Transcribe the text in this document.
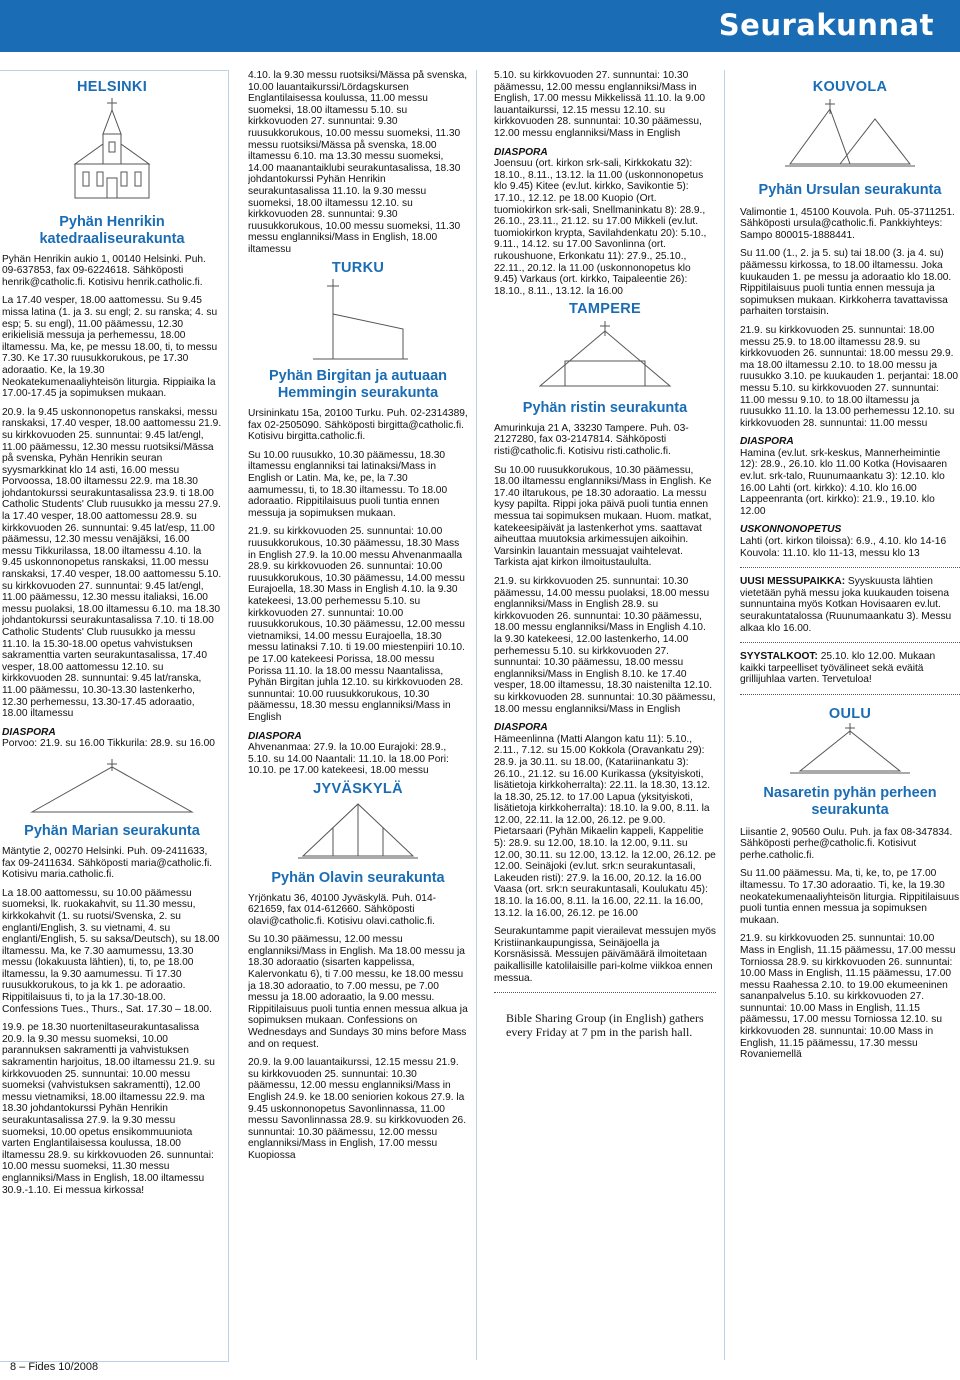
Seurakunnat
HELSINKI
Pyhän Henrikin katedraaliseurakunta

Pyhän Henrikin aukio 1, 00140 Helsinki. Puh. 09-637853, fax 09-6224618. Sähköposti henrik@catholic.fi. Kotisivu henrik.catholic.fi.

La 17.40 vesper, 18.00 aattomessu. Su 9.45 missa latina (1. ja 3. su engl; 2. su ranska; 4. su esp; 5. su engl), 11.00 päämessu, 12.30 erikielisiä messuja ja perhemessu, 18.00 iltamessu. Ma, ke, pe messu 18.00, ti, to messu 7.30. Ke 17.30 ruusukkorukous, pe 17.30 adoraatio. Ke, la 19.30 Neokatekumenaaliyhteisön liturgia. Rippiaika la 17.00-17.45 ja sopimuksen mukaan.

20.9. la 9.45 uskonnonopetus ranskaksi, messu ranskaksi, 17.40 vesper, 18.00 aattomessu 21.9. su kirkkovuoden 25. sunnuntai: 9.45 lat/engl, 11.00 päämessu, 12.30 messu ruotsiksi/Mässa på svenska, Pyhän Henrikin seuran syysmarkkinat klo 14 asti, 16.00 messu Porvoossa, 18.00 iltamessu 22.9. ma 18.30 johdantokurssi seurakuntasalissa 23.9. ti 18.00 Catholic Students' Club ruusukko ja messu 27.9. la 17.40 vesper, 18.00 aattomessu 28.9. su kirkkovuoden 26. sunnuntai: 9.45 lat/esp, 11.00 päämessu, 12.30 messu venäjäksi, 16.00 messu Tikkurilassa, 18.00 iltamessu 4.10. la 9.45 uskonnonopetus ranskaksi, 11.00 messu ranskaksi, 17.40 vesper, 18.00 aattomessu 5.10. su kirkkovuoden 27. sunnuntai: 9.45 lat/engl, 11.00 päämessu, 12.30 messu italiaksi, 16.00 messu puolaksi, 18.00 iltamessu 6.10. ma 18.30 johdantokurssi seurakuntasalissa 7.10. ti 18.00 Catholic Students' Club ruusukko ja messu 11.10. la 15.30-18.00 opetus vahvistuksen sakramenttia varten seurakuntasalissa, 17.40 vesper, 18.00 aattomessu 12.10. su kirkkovuoden 28. sunnuntai: 9.45 lat/ranska, 11.00 päämessu, 10.30-13.30 lastenkerho, 12.30 perhemessu, 13.30-17.45 adoraatio, 18.00 iltamessu

DIASPORA

Porvoo: 21.9. su 16.00 Tikkurila: 28.9. su 16.00

Pyhän Marian seurakunta

Mäntytie 2, 00270 Helsinki. Puh. 09-2411633, fax 09-2411634. Sähköposti maria@catholic.fi. Kotisivu maria.catholic.fi.

La 18.00 aattomessu, su 10.00 päämessu suomeksi, lk. ruokakahvit, su 11.30 messu, kirkkokahvit (1. su ruotsi/Svenska, 2. su englanti/English, 3. su vietnami, 4. su englanti/English, 5. su saksa/Deutsch), su 18.00 iltamessu. Ma, ke 7.30 aamumessu, 13.30 messu (lokakuusta lähtien), ti, to, pe 18.00 iltamessu, la 9.30 aamumessu. Ti 17.30 ruusukkorukous, to ja kk 1. pe adoraatio. Rippitilaisuus ti, to ja la 17.30-18.00. Confessions Tues., Thurs., Sat. 17.30 – 18.00.

19.9. pe 18.30 nuorteniltaseurakuntasalissa 20.9. la 9.30 messu suomeksi, 10.00 parannuksen sakramentti ja vahvistuksen sakramentin harjoitus, 18.00 iltamessu 21.9. su kirkkovuoden 25. sunnuntai: 10.00 messu suomeksi (vahvistuksen sakramentti), 12.00 messu vietnamiksi, 18.00 iltamessu 22.9. ma 18.30 johdantokurssi Pyhän Henrikin seurakuntasalissa 27.9. la 9.30 messu suomeksi, 10.00 opetus ensikommuuniota varten Englantilaisessa koulussa, 18.00 iltamessu 28.9. su kirkkovuoden 26. sunnuntai: 10.00 messu suomeksi, 11.30 messu englanniksi/Mass in English, 18.00 iltamessu 30.9.-1.10. Ei messua kirkossa!

4.10. la 9.30 messu ruotsiksi/Mässa på svenska, 10.00 lauantaikurssi/Lördagskursen Englantilaisessa koulussa, 11.00 messu suomeksi, 18.00 iltamessu 5.10. su kirkkovuoden 27. sunnuntai: 9.30 ruusukkorukous, 10.00 messu suomeksi, 11.30 messu ruotsiksi/Mässa på svenska, 18.00 iltamessu 6.10. ma 13.30 messu suomeksi, 14.00 maanantaiklubi seurakuntasalissa, 18.30 johdantokurssi Pyhän Henrikin seurakuntasalissa 11.10. la 9.30 messu suomeksi, 18.00 iltamessu 12.10. su kirkkovuoden 28. sunnuntai: 9.30 ruusukkorukous, 10.00 messu suomeksi, 11.30 messu englanniksi/Mass in English, 18.00 iltamessu

TURKU
Pyhän Birgitan ja autuaan Hemmingin seurakunta

Ursininkatu 15a, 20100 Turku. Puh. 02-2314389, fax 02-2505090. Sähköposti birgitta@catholic.fi. Kotisivu birgitta.catholic.fi.

Su 10.00 ruusukko, 10.30 päämessu, 18.30 iltamessu englanniksi tai latinaksi/Mass in English or Latin. Ma, ke, pe, la 7.30 aamumessu, ti, to 18.30 iltamessu. To 18.00 adoraatio. Rippitilaisuus puoli tuntia ennen messuja ja sopimuksen mukaan.

21.9. su kirkkovuoden 25. sunnuntai: 10.00 ruusukkorukous, 10.30 päämessu, 18.30 Mass in English 27.9. la 10.00 messu Ahvenanmaalla 28.9. su kirkkovuoden 26. sunnuntai: 10.00 ruusukkorukous, 10.30 päämessu, 14.00 messu Eurajoella, 18.30 Mass in English 4.10. la 9.30 katekeesi, 13.00 perhemessu 5.10. su kirkkovuoden 27. sunnuntai: 10.00 ruusukkorukous, 10.30 päämessu, 12.00 messu vietnamiksi, 14.00 messu Eurajoella, 18.30 messu latinaksi 7.10. ti 19.00 miestenpiiri 10.10. pe 17.00 katekeesi Porissa, 18.00 messu Porissa 11.10. la 18.00 messu Naantalissa, Pyhän Birgitan juhla 12.10. su kirkkovuoden 28. sunnuntai: 10.00 ruusukkorukous, 10.30 päämessu, 18.30 messu englanniksi/Mass in English

DIASPORA

Ahvenanmaa: 27.9. la 10.00 Eurajoki: 28.9., 5.10. su 14.00 Naantali: 11.10. la 18.00 Pori: 10.10. pe 17.00 katekeesi, 18.00 messu

JYVÄSKYLÄ
Pyhän Olavin seurakunta

Yrjönkatu 36, 40100 Jyväskylä. Puh. 014-621659, fax 014-612660. Sähköposti olavi@catholic.fi. Kotisivu olavi.catholic.fi.

Su 10.30 päämessu, 12.00 messu englanniksi/Mass in English. Ma 18.00 messu ja 18.30 adoraatio (sisarten kappelissa, Kalervonkatu 6), ti 7.00 messu, ke 18.00 messu ja 18.30 adoraatio, to 7.00 messu, pe 7.00 messu ja 18.00 adoraatio, la 9.00 messu. Rippitilaisuus puoli tuntia ennen messua alkua ja sopimuksen mukaan. Confessions on Wednesdays and Sundays 30 mins before Mass and on request.

20.9. la 9.00 lauantaikurssi, 12.15 messu 21.9. su kirkkovuoden 25. sunnuntai: 10.30 päämessu, 12.00 messu englanniksi/Mass in English 24.9. ke 18.00 seniorien kokous 27.9. la 9.45 uskonnonopetus Savonlinnassa, 11.00 messu Savonlinnassa 28.9. su kirkkovuoden 26. sunnuntai: 10.30 päämessu, 12.00 messu englanniksi/Mass in English, 17.00 messu Kuopiossa

5.10. su kirkkovuoden 27. sunnuntai: 10.30 päämessu, 12.00 messu englanniksi/Mass in English, 17.00 messu Mikkelissä 11.10. la 9.00 lauantaikurssi, 12.15 messu 12.10. su kirkkovuoden 28. sunnuntai: 10.30 päämessu, 12.00 messu englanniksi/Mass in English

DIASPORA

Joensuu (ort. kirkon srk-sali, Kirkkokatu 32): 18.10., 8.11., 13.12. la 11.00 (uskonnonopetus klo 9.45) Kitee (ev.lut. kirkko, Savikontie 5): 17.10., 12.12. pe 18.00 Kuopio (Ort. tuomiokirkon srk-sali, Snellmaninkatu 8): 28.9., 26.10., 23.11., 21.12. su 17.00 Mikkeli (ev.lut. tuomiokirkon krypta, Savilahdenkatu 20): 5.10., 9.11., 14.12. su 17.00 Savonlinna (ort. rukoushuone, Erkonkatu 11): 27.9., 25.10., 22.11., 20.12. la 11.00 (uskonnonopetus klo 9.45) Varkaus (ort. kirkko, Taipaleentie 26): 18.10., 8.11., 13.12. la 16.00

TAMPERE
Pyhän ristin seurakunta

Amurinkuja 21 A, 33230 Tampere. Puh. 03-2127280, fax 03-2147814. Sähköposti risti@catholic.fi. Kotisivu risti.catholic.fi.

Su 10.00 ruusukkorukous, 10.30 päämessu, 18.00 iltamessu englanniksi/Mass in English. Ke 17.40 iltarukous, pe 18.30 adoraatio. La messu kysy papilta. Rippi joka päivä puoli tuntia ennen messua tai sopimuksen mukaan. Huom. matkat, katekeesipäivät ja lastenkerhot yms. saattavat aiheuttaa muutoksia arkimessujen aikoihin. Varsinkin lauantain messuajat vaihtelevat. Tarkista ajat kirkon ilmoitustaululta.

21.9. su kirkkovuoden 25. sunnuntai: 10.30 päämessu, 14.00 messu puolaksi, 18.00 messu englanniksi/Mass in English 28.9. su kirkkovuoden 26. sunnuntai: 10.30 päämessu, 18.00 messu englanniksi/Mass in English 4.10. la 9.30 katekeesi, 12.00 lastenkerho, 14.00 perhemessu 5.10. su kirkkovuoden 27. sunnuntai: 10.30 päämessu, 18.00 messu englanniksi/Mass in English 8.10. ke 17.40 vesper, 18.00 iltamessu, 18.30 naisteniltа 12.10. su kirkkovuoden 28. sunnuntai: 10.30 päämessu, 18.00 messu englanniksi/Mass in English

DIASPORA

Hämeenlinna (Matti Alangon katu 11): 5.10., 2.11., 7.12. su 15.00 Kokkola (Oravankatu 29): 28.9. ja 30.11. su 18.00, (Katariinankatu 3): 26.10., 21.12. su 16.00 Kurikassa (yksityiskoti, lisätietoja kirkkoherralta): 22.11. la 18.30, 13.12. la 18.30, 25.12. to 17.00 Lapua (yksityiskoti, lisätietoja kirkkoherralta): 18.10. la 9.00, 8.11. la 12.00, 22.11. la 12.00, 26.12. pe 9.00. Pietarsaari (Pyhän Mikaelin kappeli, Kappelitie 5): 28.9. su 12.00, 18.10. la 12.00, 9.11. su 12.00, 30.11. su 12.00, 13.12. la 12.00, 26.12. pe 12.00. Seinäjoki (ev.lut. srk:n seurakuntasali, Lakeuden risti): 27.9. la 16.00, 20.12. la 16.00 Vaasa (ort. srk:n seurakuntasali, Koulukatu 45): 18.10. la 16.00, 8.11. la 16.00, 22.11. la 16.00, 13.12. la 16.00, 26.12. pe 16.00

Seurakuntamme papit vierailevat messujen myös Kristiinankaupungissa, Seinäjoella ja Korsnäsissä. Messujen päivämäärä ilmoitetaan paikallisille katolilaisille pari-kolme viikkoa ennen messua.

Bible Sharing Group (in English) gathers every Friday at 7 pm in the parish hall.
KOUVOLA
Pyhän Ursulan seurakunta

Valimontie 1, 45100 Kouvola. Puh. 05-3711251. Sähköposti ursula@catholic.fi. Pankkiyhteys: Sampo 800015-1888441.

Su 11.00 (1., 2. ja 5. su) tai 18.00 (3. ja 4. su) päämessu kirkossa, to 18.00 iltamessu. Joka kuukauden 1. pe messu ja adoraatio klo 18.00. Rippitilaisuus puoli tuntia ennen messuja ja sopimuksen mukaan. Kirkkoherra tavattavissa parhaiten torstaisin.

21.9. su kirkkovuoden 25. sunnuntai: 18.00 messu 25.9. to 18.00 iltamessu 28.9. su kirkkovuoden 26. sunnuntai: 18.00 messu 29.9. ma 18.00 iltamessu 2.10. to 18.00 messu ja ruusukko 3.10. pe kuukauden 1. perjantai: 18.00 messu 5.10. su kirkkovuoden 27. sunnuntai: 11.00 messu 9.10. to 18.00 iltamessu ja ruusukko 11.10. la 13.00 perhemessu 12.10. su kirkkovuoden 28. sunnuntai: 11.00 messu

DIASPORA

Hamina (ev.lut. srk-keskus, Mannerheimintie 12): 28.9., 26.10. klo 11.00 Kotka (Hovisaaren ev.lut. srk-talo, Ruunumaankatu 3): 12.10. klo 16.00 Lahti (ort. kirkko): 4.10. klo 16.00 Lappeenranta (ort. kirkko): 21.9., 19.10. klo 12.00

USKONNONOPETUS

Lahti (ort. kirkon tiloissa): 6.9., 4.10. klo 14-16 Kouvola: 11.10. klo 11-13, messu klo 13

UUSI MESSUPAIKKA: Syyskuusta lähtien vietetään pyhä messu joka kuukauden toisena sunnuntaina myös Kotkan Hovisaaren ev.lut. seurakuntatalossa (Ruunumaankatu 3). Messu alkaa klo 16.00.

SYYSTALKOOT: 25.10. klo 12.00. Mukaan kaikki tarpeelliset työvälineet sekä eväitä grillijuhlaa varten. Tervetuloa!

OULU
Nasaretin pyhän perheen seurakunta

Liisantie 2, 90560 Oulu. Puh. ja fax 08-347834. Sähköposti perhe@catholic.fi. Kotisivut perhe.catholic.fi.

Su 11.00 päämessu. Ma, ti, ke, to, pe 17.00 iltamessu. To 17.30 adoraatio. Ti, ke, la 19.30 neokatekumenaaliyhteisön liturgia. Rippitilaisuus puoli tuntia ennen messua ja sopimuksen mukaan.

21.9. su kirkkovuoden 25. sunnuntai: 10.00 Mass in English, 11.15 päämessu, 17.00 messu Torniossa 28.9. su kirkkovuoden 26. sunnuntai: 10.00 Mass in English, 11.15 päämessu, 17.00 messu Raahessa 2.10. to 19.00 ekumeeninen sananpalvelus 5.10. su kirkkovuoden 27. sunnuntai: 10.00 Mass in English, 11.15 päämessu, 17.00 messu Torniossa 12.10. su kirkkovuoden 28. sunnuntai: 10.00 Mass in English, 11.15 päämessu, 17.30 messu Rovaniemellä

8 – Fides 10/2008
